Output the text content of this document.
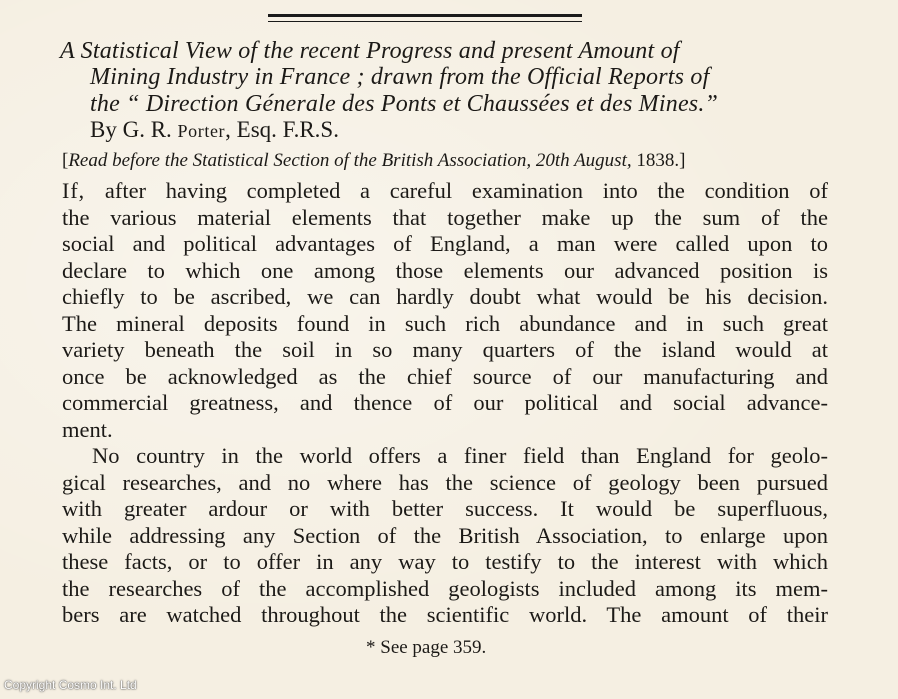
A Statistical View of the recent Progress and present Amount of
Mining Industry in France ; drawn from the Official Reports of
the “ Direction Génerale des Ponts et Chaussées et des Mines.”
By G. R. Porter, Esq. F.R.S.
[Read before the Statistical Section of the British Association, 20th August, 1838.]
If, after having completed a careful examination into the condition of
the various material elements that together make up the sum of the
social and political advantages of England, a man were called upon to
declare to which one among those elements our advanced position is
chiefly to be ascribed, we can hardly doubt what would be his decision.
The mineral deposits found in such rich abundance and in such great
variety beneath the soil in so many quarters of the island would at
once be acknowledged as the chief source of our manufacturing and
commercial greatness, and thence of our political and social advance-
ment.
No country in the world offers a finer field than England for geolo-
gical researches, and no where has the science of geology been pursued
with greater ardour or with better success. It would be superfluous,
while addressing any Section of the British Association, to enlarge upon
these facts, or to offer in any way to testify to the interest with which
the researches of the accomplished geologists included among its mem-
bers are watched throughout the scientific world. The amount of their
* See page 359.
Copyright Cosmo Int. Ltd
